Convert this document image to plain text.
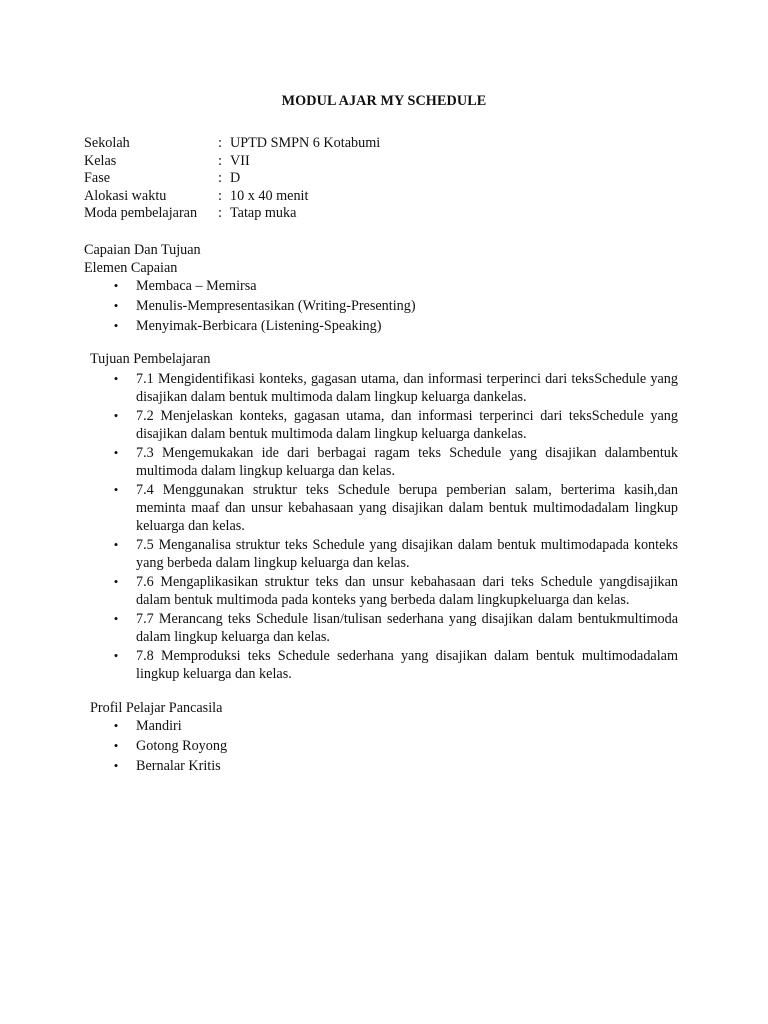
MODUL AJAR MY SCHEDULE
Sekolah	: UPTD SMPN 6 Kotabumi
Kelas	: VII
Fase	: D
Alokasi waktu	: 10 x 40 menit
Moda pembelajaran	: Tatap muka
Capaian Dan Tujuan
Elemen Capaian
• Membaca – Memirsa
• Menulis-Mempresentasikan (Writing-Presenting)
• Menyimak-Berbicara (Listening-Speaking)
Tujuan Pembelajaran
• 7.1 Mengidentifikasi konteks, gagasan utama, dan informasi terperinci dari teksSchedule yang disajikan dalam bentuk multimoda dalam lingkup keluarga dankelas.
• 7.2 Menjelaskan konteks, gagasan utama, dan informasi terperinci dari teksSchedule yang disajikan dalam bentuk multimoda dalam lingkup keluarga dankelas.
• 7.3 Mengemukakan ide dari berbagai ragam teks Schedule yang disajikan dalambentuk multimoda dalam lingkup keluarga dan kelas.
• 7.4 Menggunakan struktur teks Schedule berupa pemberian salam, berterima kasih,dan meminta maaf dan unsur kebahasaan yang disajikan dalam bentuk multimodadalam lingkup keluarga dan kelas.
• 7.5 Menganalisa struktur teks Schedule yang disajikan dalam bentuk multimodapada konteks yang berbeda dalam lingkup keluarga dan kelas.
• 7.6 Mengaplikasikan struktur teks dan unsur kebahasaan dari teks Schedule yangdisajikan dalam bentuk multimoda pada konteks yang berbeda dalam lingkupkeluarga dan kelas.
• 7.7 Merancang teks Schedule lisan/tulisan sederhana yang disajikan dalam bentukmultimoda dalam lingkup keluarga dan kelas.
• 7.8 Memproduksi teks Schedule sederhana yang disajikan dalam bentuk multimodadalam lingkup keluarga dan kelas.
Profil Pelajar Pancasila
• Mandiri
• Gotong Royong
• Bernalar Kritis
